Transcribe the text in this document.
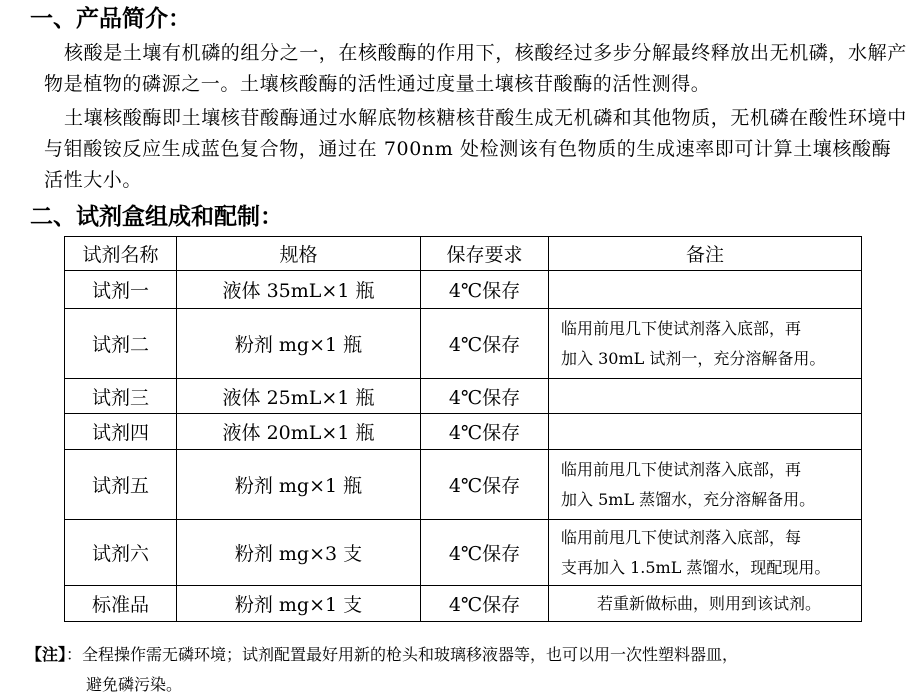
一、产品简介：
核酸是土壤有机磷的组分之一，在核酸酶的作用下，核酸经过多步分解最终释放出无机磷，水解产物是植物的磷源之一。土壤核酸酶的活性通过度量土壤核苷酸酶的活性测得。
土壤核酸酶即土壤核苷酸酶通过水解底物核糖核苷酸生成无机磷和其他物质，无机磷在酸性环境中与钼酸铵反应生成蓝色复合物，通过在 700nm 处检测该有色物质的生成速率即可计算土壤核酸酶活性大小。
二、试剂盒组成和配制：
试剂名称	规格	保存要求	备注
试剂一	液体 35mL×1 瓶	4℃保存	
试剂二	粉剂 mg×1 瓶	4℃保存	临用前甩几下使试剂落入底部，再
加入 30mL 试剂一，充分溶解备用。

试剂三	液体 25mL×1 瓶	4℃保存	
试剂四	液体 20mL×1 瓶	4℃保存	
试剂五	粉剂 mg×1 瓶	4℃保存	临用前甩几下使试剂落入底部，再
加入 5mL 蒸馏水，充分溶解备用。

试剂六	粉剂 mg×3 支	4℃保存	临用前甩几下使试剂落入底部，每
支再加入 1.5mL 蒸馏水，现配现用。

标准品	粉剂 mg×1 支	4℃保存	若重新做标曲，则用到该试剂。
【注】：全程操作需无磷环境；试剂配置最好用新的枪头和玻璃移液器等，也可以用一次性塑料器皿，
避免磷污染。
